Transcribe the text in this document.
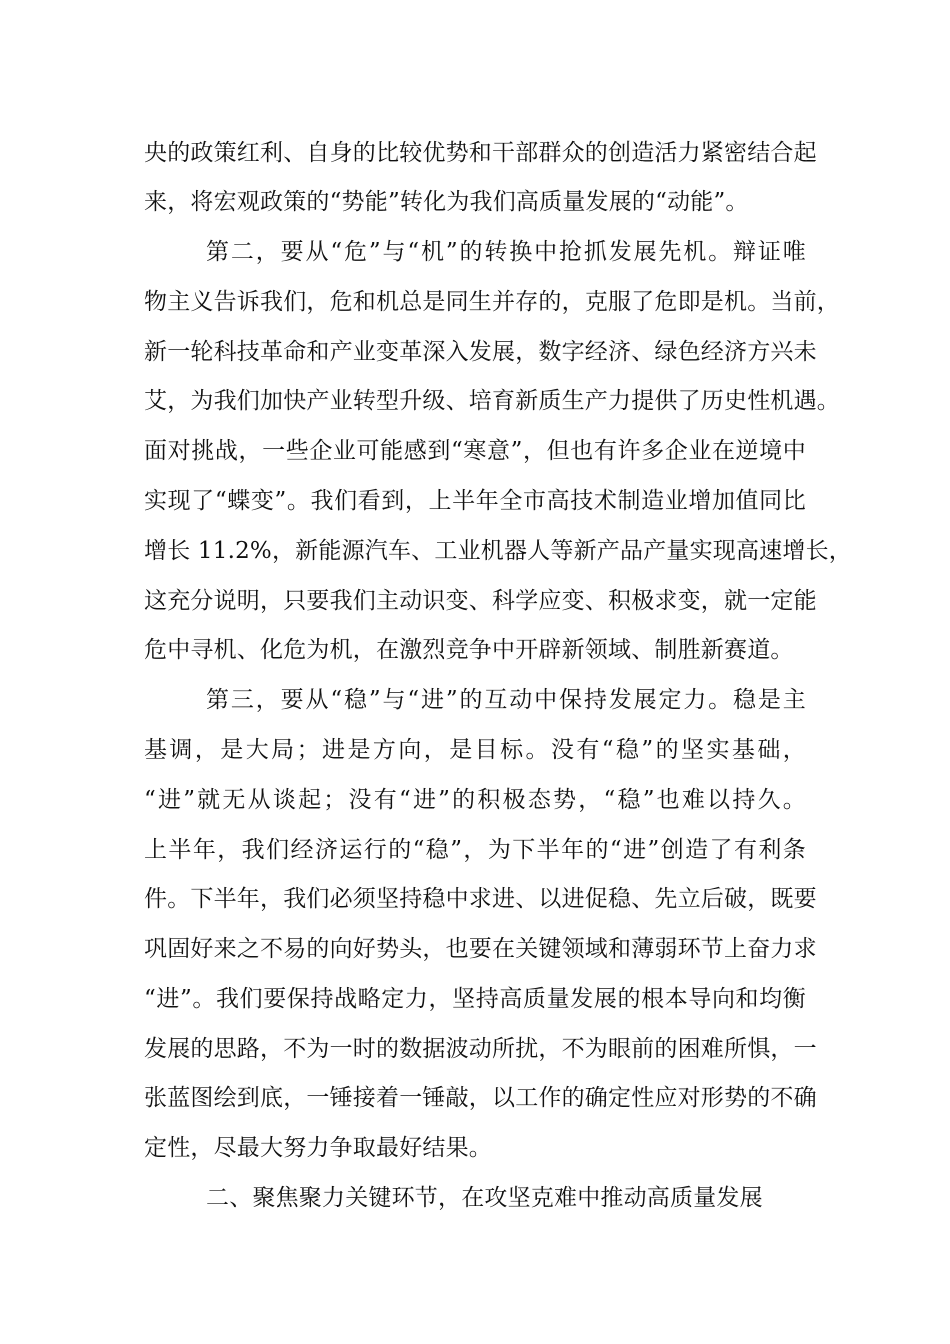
央的政策红利、自身的比较优势和干部群众的创造活力紧密结合起
来，将宏观政策的“势能”转化为我们高质量发展的“动能”。
第二，要从“危”与“机”的转换中抢抓发展先机。辩证唯
物主义告诉我们，危和机总是同生并存的，克服了危即是机。当前，
新一轮科技革命和产业变革深入发展，数字经济、绿色经济方兴未
艾，为我们加快产业转型升级、培育新质生产力提供了历史性机遇。
面对挑战，一些企业可能感到“寒意”，但也有许多企业在逆境中
实现了“蝶变”。我们看到，上半年全市高技术制造业增加值同比
增长 11.2%，新能源汽车、工业机器人等新产品产量实现高速增长，
这充分说明，只要我们主动识变、科学应变、积极求变，就一定能
危中寻机、化危为机，在激烈竞争中开辟新领域、制胜新赛道。
第三，要从“稳”与“进”的互动中保持发展定力。稳是主
基调，是大局；进是方向，是目标。没有“稳”的坚实基础，
“进”就无从谈起；没有“进”的积极态势，“稳”也难以持久。
上半年，我们经济运行的“稳”，为下半年的“进”创造了有利条
件。下半年，我们必须坚持稳中求进、以进促稳、先立后破，既要
巩固好来之不易的向好势头，也要在关键领域和薄弱环节上奋力求
“进”。我们要保持战略定力，坚持高质量发展的根本导向和均衡
发展的思路，不为一时的数据波动所扰，不为眼前的困难所惧，一
张蓝图绘到底，一锤接着一锤敲，以工作的确定性应对形势的不确
定性，尽最大努力争取最好结果。
二、聚焦聚力关键环节，在攻坚克难中推动高质量发展
